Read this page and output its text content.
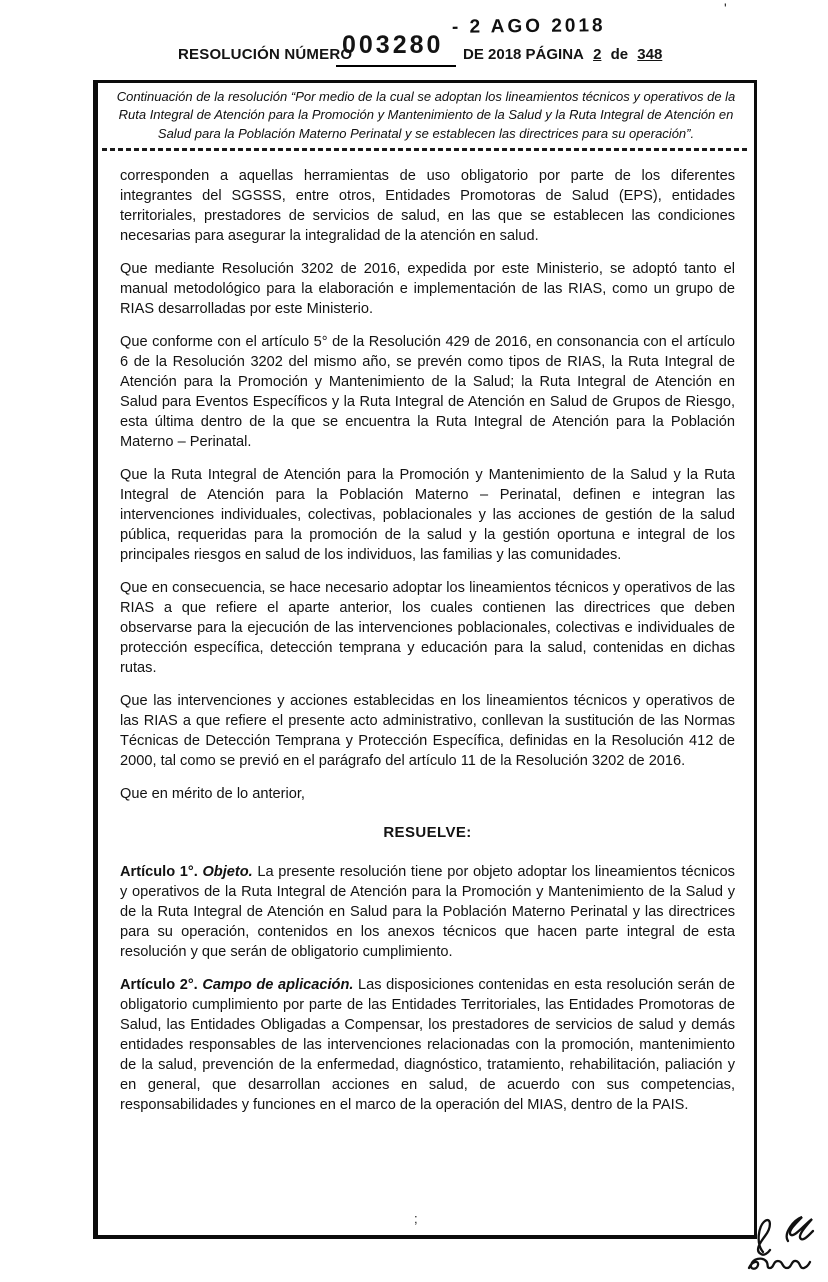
'
- 2 AGO 2018
RESOLUCIÓN NÚMERO
003280 DE 2018 PÁGINA 2 de 348
Continuación de la resolución “Por medio de la cual se adoptan los lineamientos técnicos y operativos de la Ruta Integral de Atención para la Promoción y Mantenimiento de la Salud y la Ruta Integral de Atención en Salud para la Población Materno Perinatal y se establecen las directrices para su operación”.

corresponden a aquellas herramientas de uso obligatorio por parte de los diferentes integrantes del SGSSS, entre otros, Entidades Promotoras de Salud (EPS), entidades territoriales, prestadores de servicios de salud, en las que se establecen las condiciones necesarias para asegurar la integralidad de la atención en salud.

Que mediante Resolución 3202 de 2016, expedida por este Ministerio, se adoptó tanto el manual metodológico para la elaboración e implementación de las RIAS, como un grupo de RIAS desarrolladas por este Ministerio.

Que conforme con el artículo 5° de la Resolución 429 de 2016, en consonancia con el artículo 6 de la Resolución 3202 del mismo año, se prevén como tipos de RIAS, la Ruta Integral de Atención para la Promoción y Mantenimiento de la Salud; la Ruta Integral de Atención en Salud para Eventos Específicos y la Ruta Integral de Atención en Salud de Grupos de Riesgo, esta última dentro de la que se encuentra la Ruta Integral de Atención para la Población Materno – Perinatal.

Que la Ruta Integral de Atención para la Promoción y Mantenimiento de la Salud y la Ruta Integral de Atención para la Población Materno – Perinatal, definen e integran las intervenciones individuales, colectivas, poblacionales y las acciones de gestión de la salud pública, requeridas para la promoción de la salud y la gestión oportuna e integral de los principales riesgos en salud de los individuos, las familias y las comunidades.

Que en consecuencia, se hace necesario adoptar los lineamientos técnicos y operativos de las RIAS a que refiere el aparte anterior, los cuales contienen las directrices que deben observarse para la ejecución de las intervenciones poblacionales, colectivas e individuales de protección específica, detección temprana y educación para la salud, contenidas en dichas rutas.

Que las intervenciones y acciones establecidas en los lineamientos técnicos y operativos de las RIAS a que refiere el presente acto administrativo, conllevan la sustitución de las Normas Técnicas de Detección Temprana y Protección Específica, definidas en la Resolución 412 de 2000, tal como se previó en el parágrafo del artículo 11 de la Resolución 3202 de 2016.

Que en mérito de lo anterior,

RESUELVE:

Artículo 1°. Objeto. La presente resolución tiene por objeto adoptar los lineamientos técnicos y operativos de la Ruta Integral de Atención para la Promoción y Mantenimiento de la Salud y de la Ruta Integral de Atención en Salud para la Población Materno Perinatal y las directrices para su operación, contenidos en los anexos técnicos que hacen parte integral de esta resolución y que serán de obligatorio cumplimiento.

Artículo 2°. Campo de aplicación. Las disposiciones contenidas en esta resolución serán de obligatorio cumplimiento por parte de las Entidades Territoriales, las Entidades Promotoras de Salud, las Entidades Obligadas a Compensar, los prestadores de servicios de salud y demás entidades responsables de las intervenciones relacionadas con la promoción, mantenimiento de la salud, prevención de la enfermedad, diagnóstico, tratamiento, rehabilitación, paliación y en general, que desarrollan acciones en salud, de acuerdo con sus competencias, responsabilidades y funciones en el marco de la operación del MIAS, dentro de la PAIS.

;
